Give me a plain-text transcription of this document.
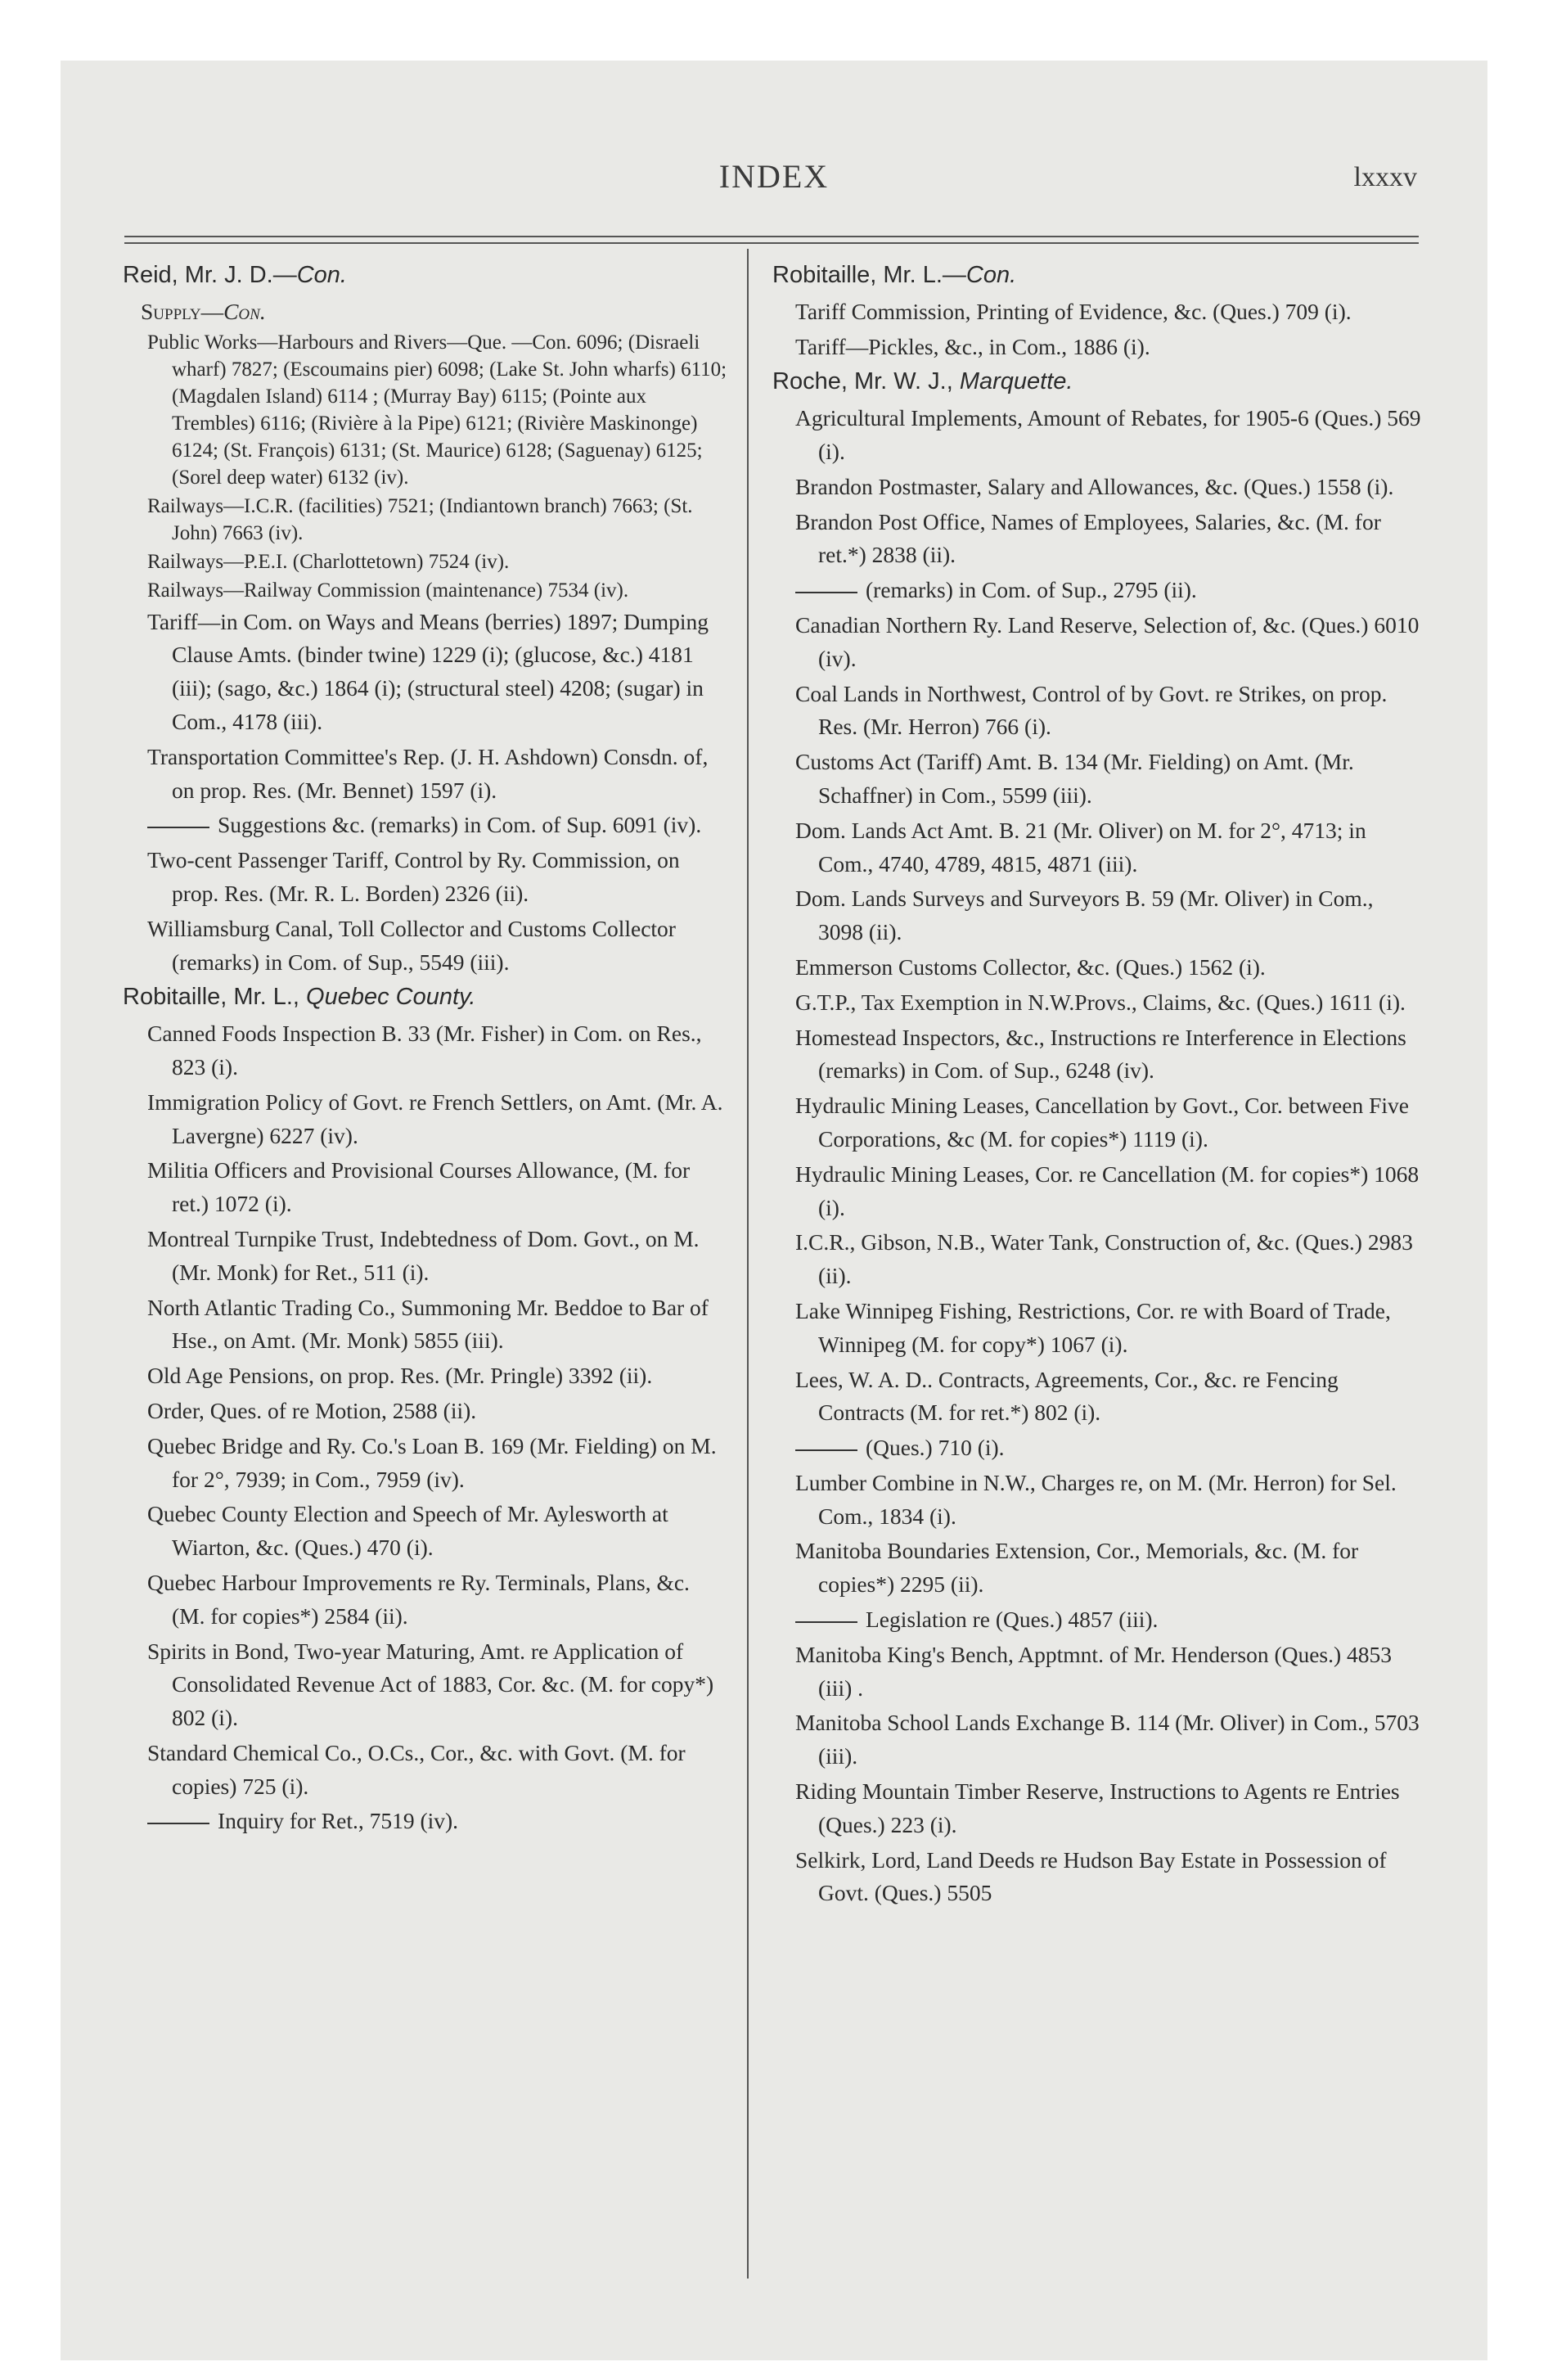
INDEX	lxxxv
Reid, Mr. J. D.—Con.
Supply—Con.
Public Works—Harbours and Rivers—Que. —Con. 6096; (Disraeli wharf) 7827; (Escoumains pier) 6098; (Lake St. John wharfs) 6110; (Magdalen Island) 6114 ; (Murray Bay) 6115; (Pointe aux Trembles) 6116; (Rivière à la Pipe) 6121; (Rivière Maskinonge) 6124; (St. François) 6131; (St. Maurice) 6128; (Saguenay) 6125; (Sorel deep water) 6132 (iv).
Railways—I.C.R. (facilities) 7521; (Indiantown branch) 7663; (St. John) 7663 (iv).
Railways—P.E.I. (Charlottetown) 7524 (iv).
Railways—Railway Commission (maintenance) 7534 (iv).
Tariff—in Com. on Ways and Means (berries) 1897; Dumping Clause Amts. (binder twine) 1229 (i); (glucose, &c.) 4181 (iii); (sago, &c.) 1864 (i); (structural steel) 4208; (sugar) in Com., 4178 (iii).
Transportation Committee's Rep. (J. H. Ashdown) Consdn. of, on prop. Res. (Mr. Bennet) 1597 (i).
Suggestions &c. (remarks) in Com. of Sup. 6091 (iv).
Two-cent Passenger Tariff, Control by Ry. Commission, on prop. Res. (Mr. R. L. Borden) 2326 (ii).
Williamsburg Canal, Toll Collector and Customs Collector (remarks) in Com. of Sup., 5549 (iii).
Robitaille, Mr. L., Quebec County.
Canned Foods Inspection B. 33 (Mr. Fisher) in Com. on Res., 823 (i).
Immigration Policy of Govt. re French Settlers, on Amt. (Mr. A. Lavergne) 6227 (iv).
Militia Officers and Provisional Courses Allowance, (M. for ret.) 1072 (i).
Montreal Turnpike Trust, Indebtedness of Dom. Govt., on M. (Mr. Monk) for Ret., 511 (i).
North Atlantic Trading Co., Summoning Mr. Beddoe to Bar of Hse., on Amt. (Mr. Monk) 5855 (iii).
Old Age Pensions, on prop. Res. (Mr. Pringle) 3392 (ii).
Order, Ques. of re Motion, 2588 (ii).
Quebec Bridge and Ry. Co.'s Loan B. 169 (Mr. Fielding) on M. for 2°, 7939; in Com., 7959 (iv).
Quebec County Election and Speech of Mr. Aylesworth at Wiarton, &c. (Ques.) 470 (i).
Quebec Harbour Improvements re Ry. Terminals, Plans, &c. (M. for copies*) 2584 (ii).
Spirits in Bond, Two-year Maturing, Amt. re Application of Consolidated Revenue Act of 1883, Cor. &c. (M. for copy*) 802 (i).
Standard Chemical Co., O.Cs., Cor., &c. with Govt. (M. for copies) 725 (i).
Inquiry for Ret., 7519 (iv).
Robitaille, Mr. L.—Con.
Tariff Commission, Printing of Evidence, &c. (Ques.) 709 (i).
Tariff—Pickles, &c., in Com., 1886 (i).
Roche, Mr. W. J., Marquette.
Agricultural Implements, Amount of Rebates, for 1905-6 (Ques.) 569 (i).
Brandon Postmaster, Salary and Allowances, &c. (Ques.) 1558 (i).
Brandon Post Office, Names of Employees, Salaries, &c. (M. for ret.*) 2838 (ii).
(remarks) in Com. of Sup., 2795 (ii).
Canadian Northern Ry. Land Reserve, Selection of, &c. (Ques.) 6010 (iv).
Coal Lands in Northwest, Control of by Govt. re Strikes, on prop. Res. (Mr. Herron) 766 (i).
Customs Act (Tariff) Amt. B. 134 (Mr. Fielding) on Amt. (Mr. Schaffner) in Com., 5599 (iii).
Dom. Lands Act Amt. B. 21 (Mr. Oliver) on M. for 2°, 4713; in Com., 4740, 4789, 4815, 4871 (iii).
Dom. Lands Surveys and Surveyors B. 59 (Mr. Oliver) in Com., 3098 (ii).
Emmerson Customs Collector, &c. (Ques.) 1562 (i).
G.T.P., Tax Exemption in N.W.Provs., Claims, &c. (Ques.) 1611 (i).
Homestead Inspectors, &c., Instructions re Interference in Elections (remarks) in Com. of Sup., 6248 (iv).
Hydraulic Mining Leases, Cancellation by Govt., Cor. between Five Corporations, &c (M. for copies*) 1119 (i).
Hydraulic Mining Leases, Cor. re Cancellation (M. for copies*) 1068 (i).
I.C.R., Gibson, N.B., Water Tank, Construction of, &c. (Ques.) 2983 (ii).
Lake Winnipeg Fishing, Restrictions, Cor. re with Board of Trade, Winnipeg (M. for copy*) 1067 (i).
Lees, W. A. D.. Contracts, Agreements, Cor., &c. re Fencing Contracts (M. for ret.*) 802 (i).
(Ques.) 710 (i).
Lumber Combine in N.W., Charges re, on M. (Mr. Herron) for Sel. Com., 1834 (i).
Manitoba Boundaries Extension, Cor., Memorials, &c. (M. for copies*) 2295 (ii).
Legislation re (Ques.) 4857 (iii).
Manitoba King's Bench, Apptmnt. of Mr. Henderson (Ques.) 4853 (iii) .
Manitoba School Lands Exchange B. 114 (Mr. Oliver) in Com., 5703 (iii).
Riding Mountain Timber Reserve, Instructions to Agents re Entries (Ques.) 223 (i).
Selkirk, Lord, Land Deeds re Hudson Bay Estate in Possession of Govt. (Ques.) 5505
